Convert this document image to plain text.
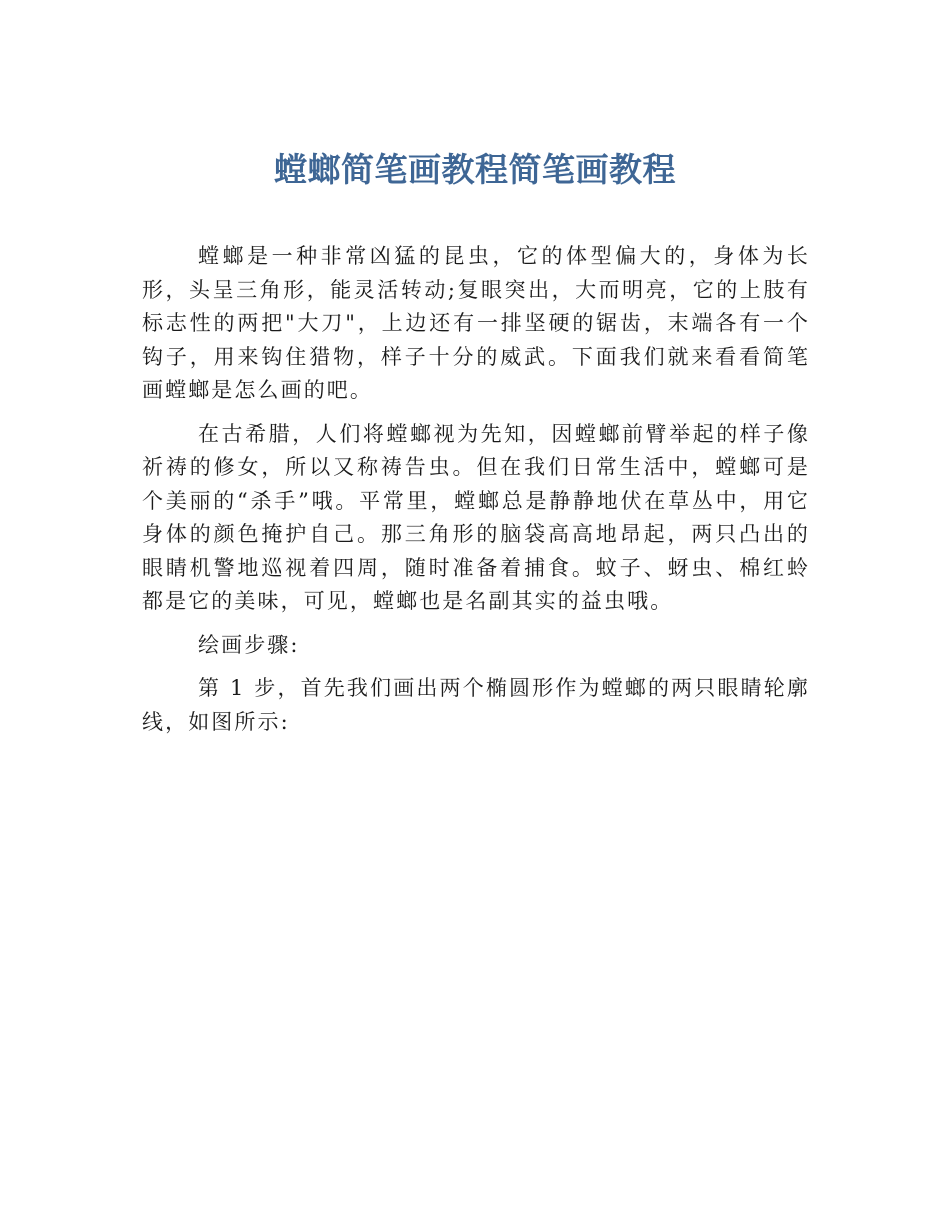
螳螂简笔画教程简笔画教程

螳螂是一种非常凶猛的昆虫，它的体型偏大的，身体为长形，头呈三角形，能灵活转动;复眼突出，大而明亮，它的上肢有标志性的两把"大刀"，上边还有一排坚硬的锯齿，末端各有一个钩子，用来钩住猎物，样子十分的威武。下面我们就来看看简笔画螳螂是怎么画的吧。

在古希腊，人们将螳螂视为先知，因螳螂前臂举起的样子像祈祷的修女，所以又称祷告虫。但在我们日常生活中，螳螂可是个美丽的“杀手”哦。平常里，螳螂总是静静地伏在草丛中，用它身体的颜色掩护自己。那三角形的脑袋高高地昂起，两只凸出的眼睛机警地巡视着四周，随时准备着捕食。蚊子、蚜虫、棉红蛉都是它的美味，可见，螳螂也是名副其实的益虫哦。

绘画步骤:

第 1 步，首先我们画出两个椭圆形作为螳螂的两只眼睛轮廓线，如图所示:
